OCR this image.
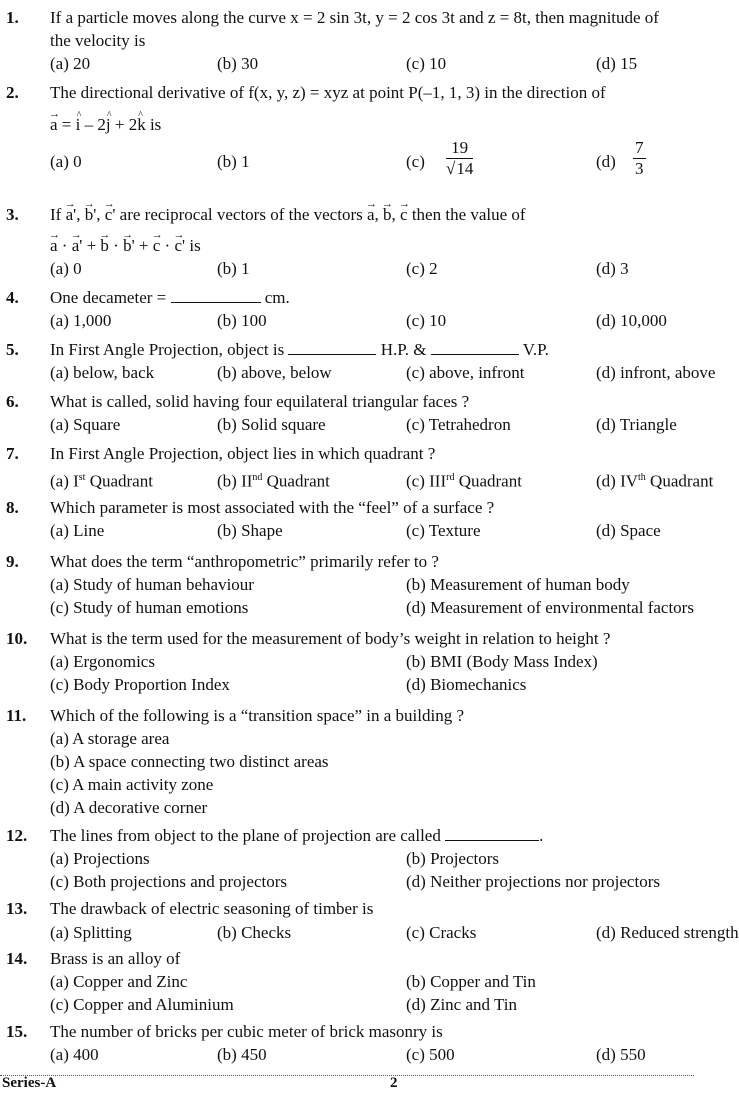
1. If a particle moves along the curve x = 2 sin 3t, y = 2 cos 3t and z = 8t, then magnitude of
the velocity is
(a) 20	(b) 30	(c) 10	(d) 15
2. The directional derivative of f(x, y, z) = xyz at point P(–1, 1, 3) in the direction of
→ a = ^ i – 2^ j + 2^ k is
(a) 0	(b) 1	$(c) \frac{19}{√14}$	$(d) \frac{7}{3}$
3. If → a', → b', → c' are reciprocal vectors of the vectors → a, → b, → c then the value of
→ a · → a' + → b · → b' + → c · → c' is
(a) 0	(b) 1	(c) 2	(d) 3
4. One decameter =	cm.
(a) 1,000	(b) 100	(c) 10	(d) 10,000
5. In First Angle Projection, object is	H.P. &	V.P.
(a) below, back	(b) above, below	(c) above, infront	(d) infront, above
6. What is called, solid having four equilateral triangular faces ?
(a) Square	(b) Solid square	(c) Tetrahedron	(d) Triangle
7. In First Angle Projection, object lies in which quadrant ?
(a) Ist Quadrant	(b) IInd Quadrant	(c) IIIrd Quadrant	(d) IVth Quadrant
8. Which parameter is most associated with the “feel” of a surface ?
(a) Line	(b) Shape	(c) Texture	(d) Space
9. What does the term “anthropometric” primarily refer to ?
(a) Study of human behaviour	(b) Measurement of human body
(c) Study of human emotions	(d) Measurement of environmental factors
10. What is the term used for the measurement of body’s weight in relation to height ?
(a) Ergonomics	(b) BMI (Body Mass Index)
(c) Body Proportion Index	(d) Biomechanics
11. Which of the following is a “transition space” in a building ?
(a) A storage area
(b) A space connecting two distinct areas
(c) A main activity zone
(d) A decorative corner
12. The lines from object to the plane of projection are called	.
(a) Projections	(b) Projectors
(c) Both projections and projectors	(d) Neither projections nor projectors
13. The drawback of electric seasoning of timber is
(a) Splitting	(b) Checks	(c) Cracks	(d) Reduced strength
14. Brass is an alloy of
(a) Copper and Zinc	(b) Copper and Tin
(c) Copper and Aluminium	(d) Zinc and Tin
15. The number of bricks per cubic meter of brick masonry is
(a) 400	(b) 450	(c) 500	(d) 550
Series-A	2
